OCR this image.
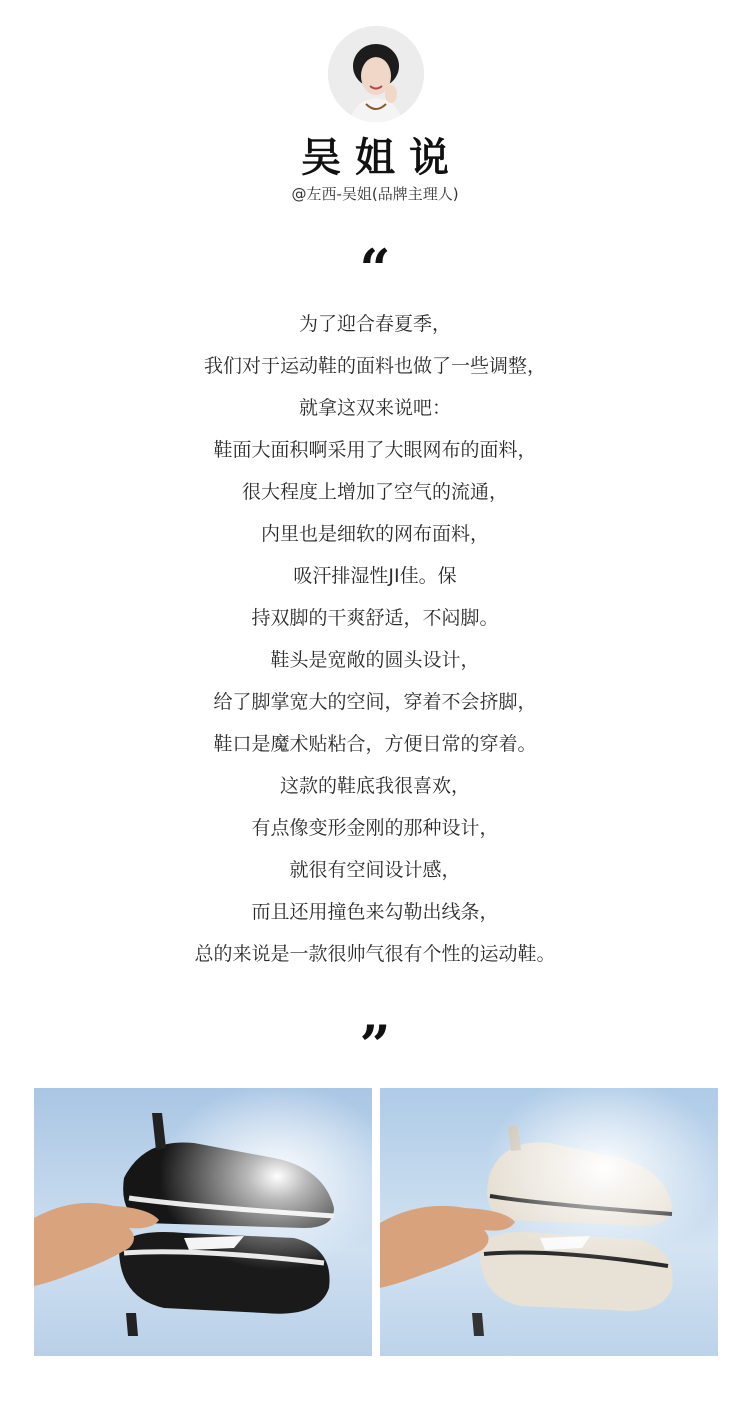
吴姐说
@左西-吴姐(品牌主理人)
“
为了迎合春夏季，
我们对于运动鞋的面料也做了一些调整，
就拿这双来说吧：
鞋面大面积啊采用了大眼网布的面料，
很大程度上增加了空气的流通，
内里也是细软的网布面料，
吸汗排湿性JI佳。保
持双脚的干爽舒适，不闷脚。
鞋头是宽敞的圆头设计，
给了脚掌宽大的空间，穿着不会挤脚，
鞋口是魔术贴粘合，方便日常的穿着。
这款的鞋底我很喜欢，
有点像变形金刚的那种设计，
就很有空间设计感，
而且还用撞色来勾勒出线条，
总的来说是一款很帅气很有个性的运动鞋。
”
